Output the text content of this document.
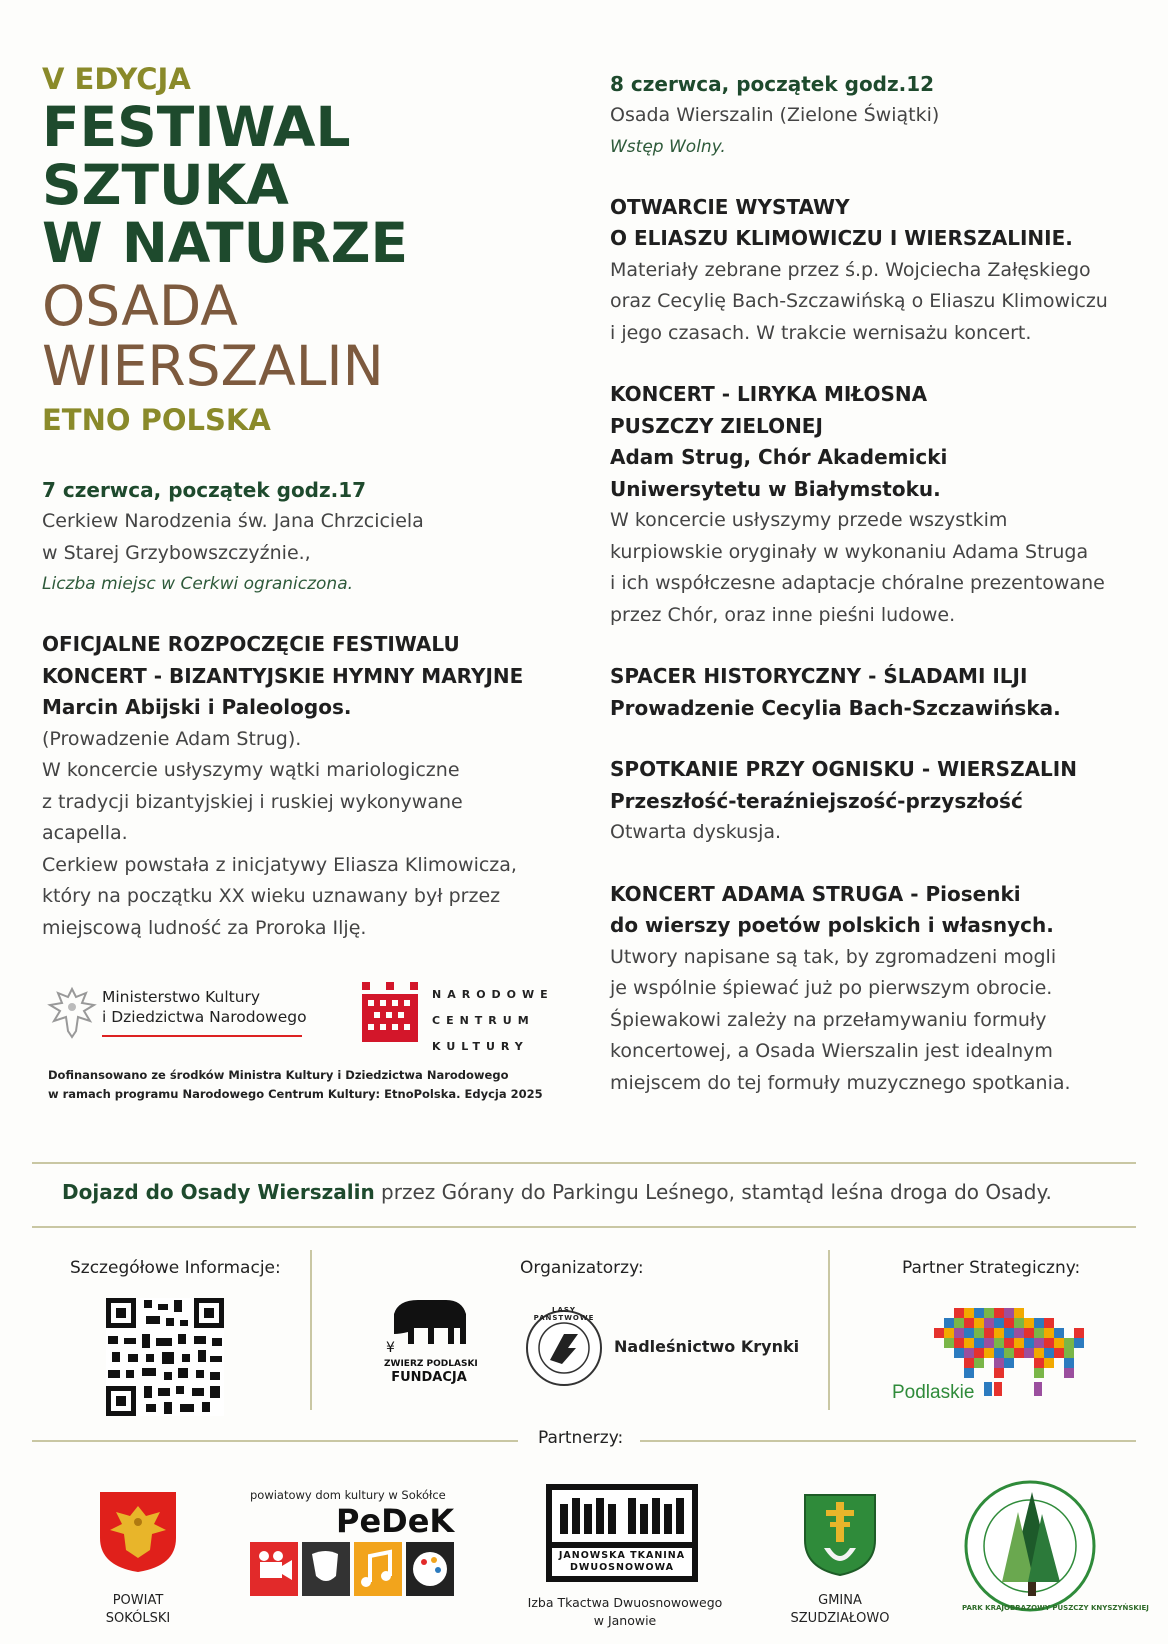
V EDYCJA
FESTIWAL
SZTUKA
W NATURZE
OSADA
WIERSZALIN
ETNO POLSKA
7 czerwca, początek godz.17
Cerkiew Narodzenia św. Jana Chrzciciela
w Starej Grzybowszczyźnie.,
Liczba miejsc w Cerkwi ograniczona.
OFICJALNE ROZPOCZĘCIE FESTIWALU
KONCERT - BIZANTYJSKIE HYMNY MARYJNE
Marcin Abijski i Paleologos.
(Prowadzenie Adam Strug).
W koncercie usłyszymy wątki mariologiczne
z tradycji bizantyjskiej i ruskiej wykonywane
acapella.
Cerkiew powstała z inicjatywy Eliasza Klimowicza,
który na początku XX wieku uznawany był przez
miejscową ludność za Proroka Ilję.
Ministerstwo Kultury
i Dziedzictwa Narodowego
NARODOWE
CENTRUM
KULTURY
Dofinansowano ze środków Ministra Kultury i Dziedzictwa Narodowego
w ramach programu Narodowego Centrum Kultury: EtnoPolska. Edycja 2025
8 czerwca, początek godz.12
Osada Wierszalin (Zielone Świątki)
Wstęp Wolny.
OTWARCIE WYSTAWY
O ELIASZU KLIMOWICZU I WIERSZALINIE.
Materiały zebrane przez ś.p. Wojciecha Załęskiego
oraz Cecylię Bach-Szczawińską o Eliaszu Klimowiczu
i jego czasach. W trakcie wernisażu koncert.
KONCERT - LIRYKA MIŁOSNA
PUSZCZY ZIELONEJ
Adam Strug, Chór Akademicki
Uniwersytetu w Białymstoku.
W koncercie usłyszymy przede wszystkim
kurpiowskie oryginały w wykonaniu Adama Struga
i ich współczesne adaptacje chóralne prezentowane
przez Chór, oraz inne pieśni ludowe.
SPACER HISTORYCZNY - ŚLADAMI ILJI
Prowadzenie Cecylia Bach-Szczawińska.
SPOTKANIE PRZY OGNISKU - WIERSZALIN
Przeszłość-teraźniejszość-przyszłość
Otwarta dyskusja.
KONCERT ADAMA STRUGA - Piosenki
do wierszy poetów polskich i własnych.
Utwory napisane są tak, by zgromadzeni mogli
je wspólnie śpiewać już po pierwszym obrocie.
Śpiewakowi zależy na przełamywaniu formuły
koncertowej, a Osada Wierszalin jest idealnym
miejscem do tej formuły muzycznego spotkania.
Dojazd do Osady Wierszalin przez Górany do Parkingu Leśnego, stamtąd leśna droga do Osady.
Szczegółowe Informacje:	Organizatorzy:
¥
ZWIERZ PODLASKI
FUNDACJA
LASY PAŃSTWOWE
Nadleśnictwo Krynki
Partner Strategiczny:
Podlaskie
Partnerzy:
POWIAT
SOKÓLSKI
powiatowy dom kultury w Sokółce
PeDeK
JANOWSKA TKANINA
DWUOSNOWOWA
Izba Tkactwa Dwuosnowowego
w Janowie
GMINA
SZUDZIAŁOWO
PARK KRAJOBRAZOWY PUSZCZY KNYSZYŃSKIEJ
